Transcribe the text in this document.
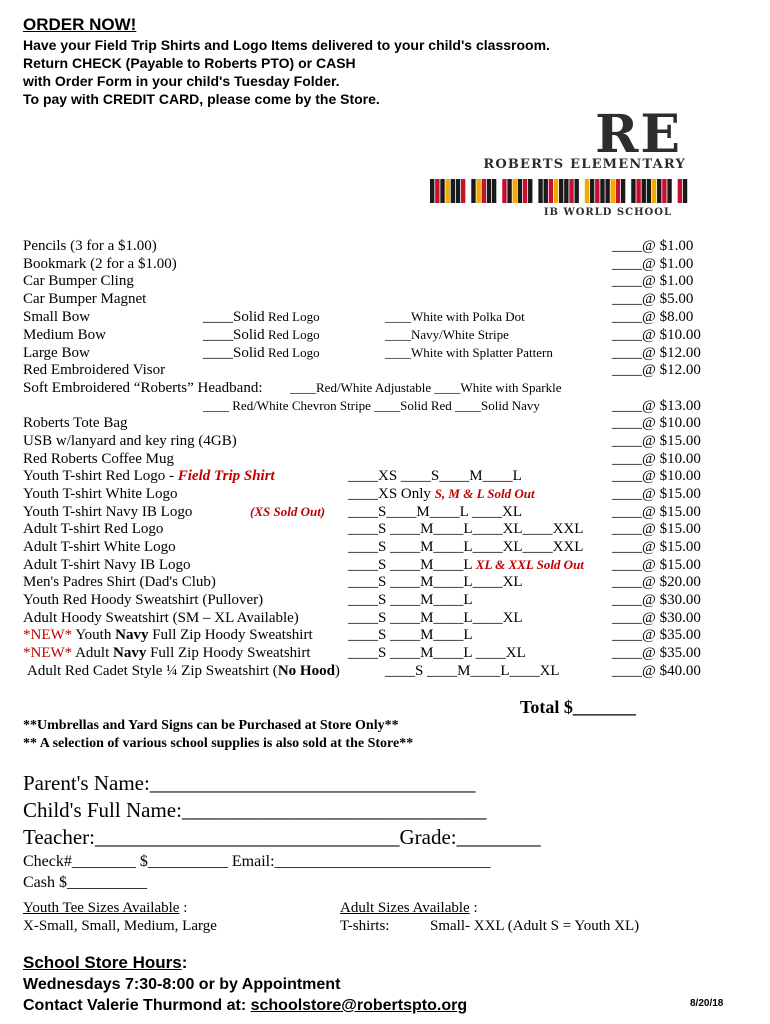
ORDER NOW!
Have your Field Trip Shirts and Logo Items delivered to your child's classroom.
Return CHECK (Payable to Roberts PTO) or CASH
with Order Form in your child's Tuesday Folder.
To pay with CREDIT CARD, please come by the Store.
RE
ROBERTS ELEMENTARY
IB WORLD SCHOOL
Pencils (3 for a $1.00)	____@ $1.00
Bookmark (2 for a $1.00)	____@ $1.00
Car Bumper Cling	____@ $1.00
Car Bumper Magnet	____@ $5.00
Small Bow	____Solid Red Logo	____White with Polka Dot	____@ $8.00
Medium Bow	____Solid Red Logo	____Navy/White Stripe	____@ $10.00
Large Bow	____Solid Red Logo	____White with Splatter Pattern	____@ $12.00
Red Embroidered Visor	____@ $12.00
Soft Embroidered “Roberts” Headband: ____Red/White Adjustable ____White with Sparkle
____ Red/White Chevron Stripe ____Solid Red ____Solid Navy	____@ $13.00
Roberts Tote Bag	____@ $10.00
USB w/lanyard and key ring (4GB)	____@ $15.00
Red Roberts Coffee Mug	____@ $10.00
Youth T-shirt Red Logo - Field Trip Shirt	____XS ____S____M____L	____@ $10.00
Youth T-shirt White Logo	____XS Only S, M & L Sold Out	____@ $15.00
Youth T-shirt Navy IB Logo	(XS Sold Out) ____S____M____L ____XL	____@ $15.00
Adult T-shirt Red Logo	____S ____M____L____XL____XXL ____@ $15.00
Adult T-shirt White Logo	____S ____M____L____XL____XXL ____@ $15.00
Adult T-shirt Navy IB Logo	____S ____M____L XL & XXL Sold Out ____@ $15.00
Men's Padres Shirt (Dad's Club)	____S ____M____L____XL	____@ $20.00
Youth Red Hoody Sweatshirt (Pullover)	____S ____M____L	____@ $30.00
Adult Hoody Sweatshirt (SM – XL Available)	____S ____M____L____XL	____@ $30.00
*NEW* Youth Navy Full Zip Hoody Sweatshirt ____S ____M____L	____@ $35.00
*NEW* Adult Navy Full Zip Hoody Sweatshirt ____S ____M____L ____XL	____@ $35.00
Adult Red Cadet Style ¼ Zip Sweatshirt (No Hood)	____S ____M____L____XL	____@ $40.00
Total $_______
**Umbrellas and Yard Signs can be Purchased at Store Only**
** A selection of various school supplies is also sold at the Store**
Parent's Name:_______________________________
Child's Full Name:_____________________________
Teacher:_____________________________Grade:________
Check#________ $__________ Email:___________________________
Cash $__________
Youth Tee Sizes Available :
X-Small, Small, Medium, Large
Adult Sizes Available :
T-shirts:	Small- XXL (Adult S = Youth XL)
School Store Hours:
Wednesdays 7:30-8:00 or by Appointment
Contact Valerie Thurmond at: schoolstore@robertspto.org	8/20/18
